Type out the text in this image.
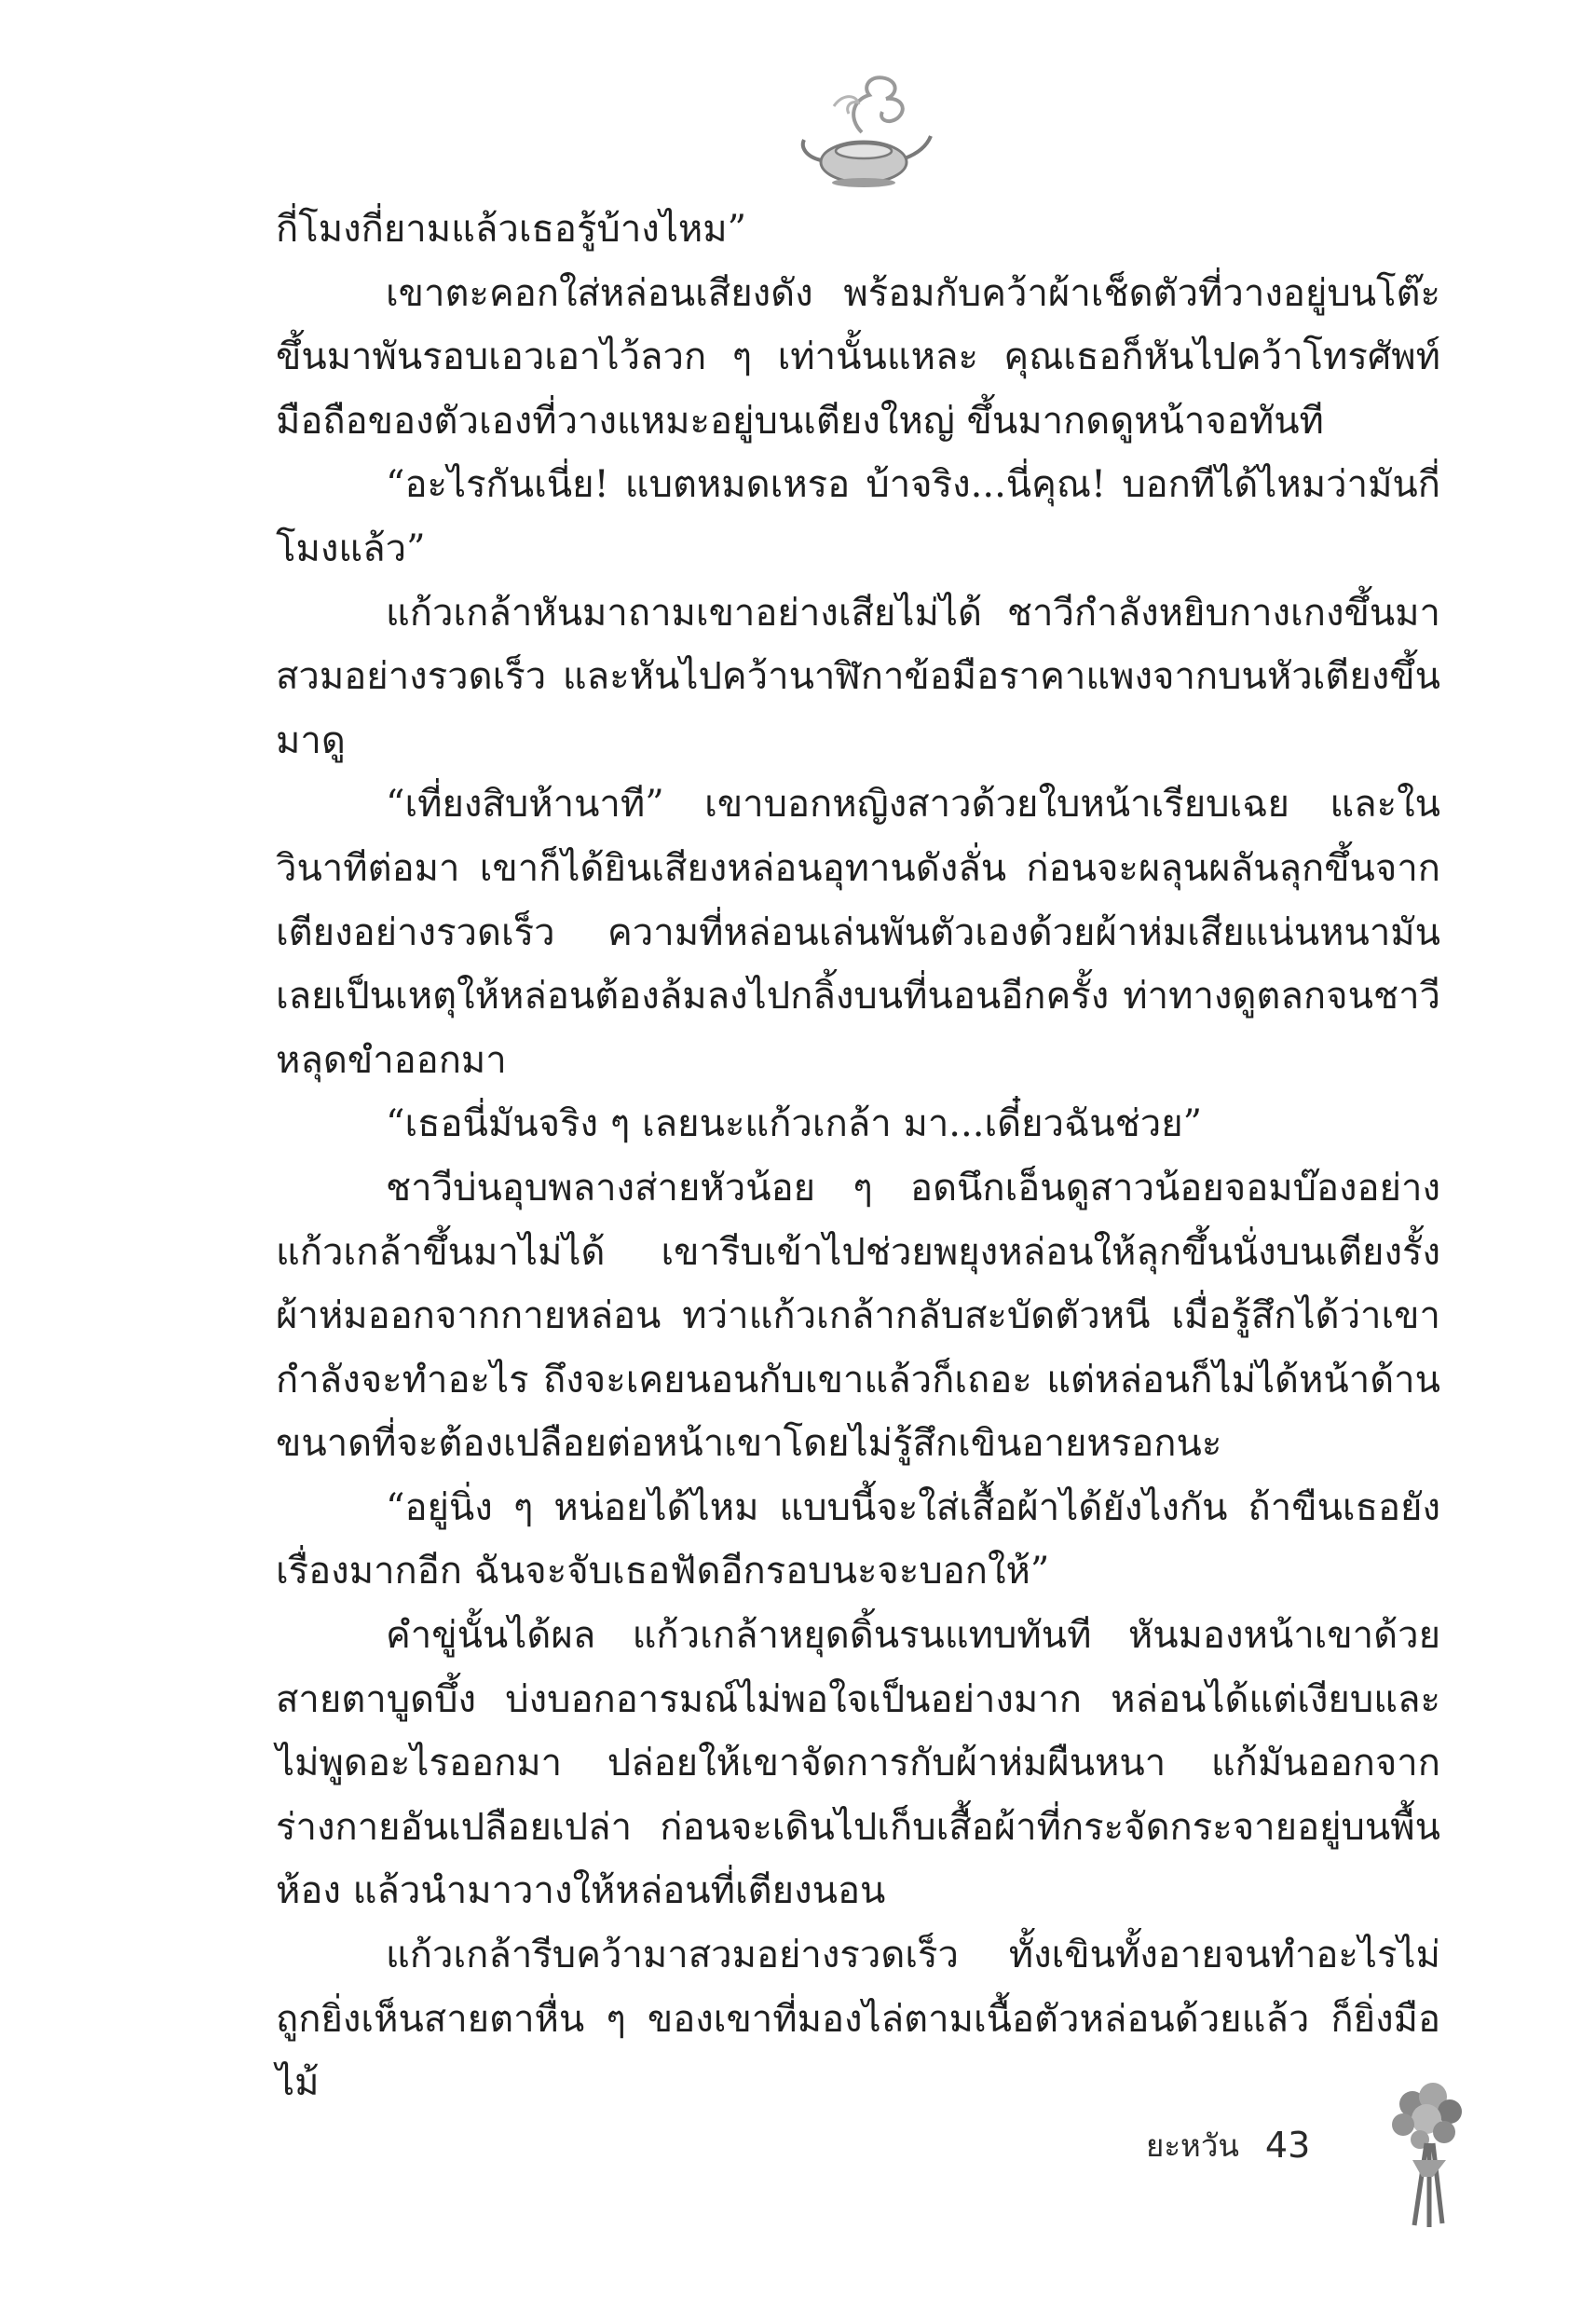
กี่โมงกี่ยามแล้วเธอรู้บ้างไหม”

เขาตะคอกใส่หล่อนเสียงดัง พร้อมกับคว้าผ้าเช็ดตัวที่วางอยู่บนโต๊ะขึ้นมาพันรอบเอวเอาไว้ลวก ๆ เท่านั้นแหละ คุณเธอก็หันไปคว้าโทรศัพท์มือถือของตัวเองที่วางแหมะอยู่บนเตียงใหญ่ ขึ้นมากดดูหน้าจอทันที

“อะไรกันเนี่ย! แบตหมดเหรอ บ้าจริง...นี่คุณ! บอกทีได้ไหมว่ามันกี่โมงแล้ว”

แก้วเกล้าหันมาถามเขาอย่างเสียไม่ได้ ชาวีกำลังหยิบกางเกงขึ้นมาสวมอย่างรวดเร็ว และหันไปคว้านาฬิกาข้อมือราคาแพงจากบนหัวเตียงขึ้นมาดู

“เที่ยงสิบห้านาที” เขาบอกหญิงสาวด้วยใบหน้าเรียบเฉย และในวินาทีต่อมา เขาก็ได้ยินเสียงหล่อนอุทานดังลั่น ก่อนจะผลุนผลันลุกขึ้นจากเตียงอย่างรวดเร็ว ความที่หล่อนเล่นพันตัวเองด้วยผ้าห่มเสียแน่นหนามันเลยเป็นเหตุให้หล่อนต้องล้มลงไปกลิ้งบนที่นอนอีกครั้ง ท่าทางดูตลกจนชาวีหลุดขำออกมา

“เธอนี่มันจริง ๆ เลยนะแก้วเกล้า มา...เดี๋ยวฉันช่วย”

ชาวีบ่นอุบพลางส่ายหัวน้อย ๆ อดนึกเอ็นดูสาวน้อยจอมบ๊องอย่างแก้วเกล้าขึ้นมาไม่ได้ เขารีบเข้าไปช่วยพยุงหล่อนให้ลุกขึ้นนั่งบนเตียงรั้งผ้าห่มออกจากกายหล่อน ทว่าแก้วเกล้ากลับสะบัดตัวหนี เมื่อรู้สึกได้ว่าเขากำลังจะทำอะไร ถึงจะเคยนอนกับเขาแล้วก็เถอะ แต่หล่อนก็ไม่ได้หน้าด้านขนาดที่จะต้องเปลือยต่อหน้าเขาโดยไม่รู้สึกเขินอายหรอกนะ

“อยู่นิ่ง ๆ หน่อยได้ไหม แบบนี้จะใส่เสื้อผ้าได้ยังไงกัน ถ้าขืนเธอยังเรื่องมากอีก ฉันจะจับเธอฟัดอีกรอบนะจะบอกให้”

คำขู่นั้นได้ผล แก้วเกล้าหยุดดิ้นรนแทบทันที หันมองหน้าเขาด้วยสายตาบูดบึ้ง บ่งบอกอารมณ์ไม่พอใจเป็นอย่างมาก หล่อนได้แต่เงียบและไม่พูดอะไรออกมา ปล่อยให้เขาจัดการกับผ้าห่มผืนหนา แก้มันออกจากร่างกายอันเปลือยเปล่า ก่อนจะเดินไปเก็บเสื้อผ้าที่กระจัดกระจายอยู่บนพื้นห้อง แล้วนำมาวางให้หล่อนที่เตียงนอน

แก้วเกล้ารีบคว้ามาสวมอย่างรวดเร็ว ทั้งเขินทั้งอายจนทำอะไรไม่ถูกยิ่งเห็นสายตาหื่น ๆ ของเขาที่มองไล่ตามเนื้อตัวหล่อนด้วยแล้ว ก็ยิ่งมือไม้

ยะหวัน 43
